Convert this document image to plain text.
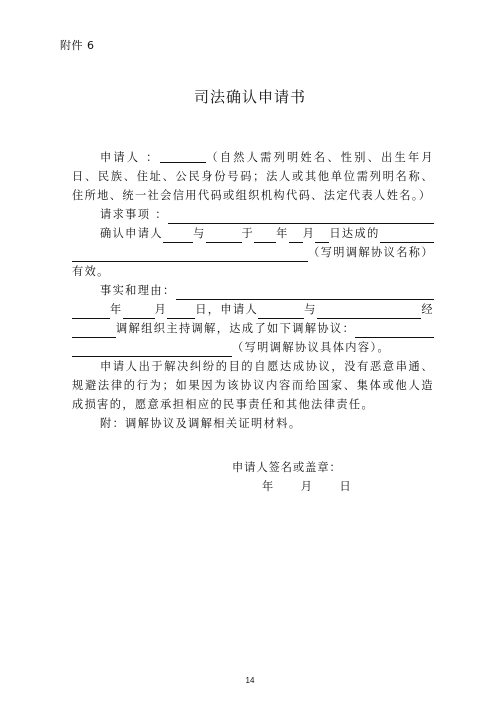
附件 6
司法确认申请书

申请人 ：	（自然人需列明姓名、性别、出生年月日、民族、住址、公民身份号码；法人或其他单位需列明名称、住所地、统一社会信用代码或组织机构代码、法定代表人姓名。）

请求事项 ：
确认申请人	与	于 年 月 日达成的
（写明调解协议名称）

有效。

事实和理由：
年	月	日，申请人	与	经
调解组织主持调解，达成了如下调解协议：
（写明调解协议具体内容）。

申请人出于解决纠纷的目的自愿达成协议，没有恶意串通、 规避法律的行为；如果因为该协议内容而给国家、集体或他人造成损害的，愿意承担相应的民事责任和其他法律责任。

附：调解协议及调解相关证明材料。

申请人签名或盖章：
年 月 日
14
